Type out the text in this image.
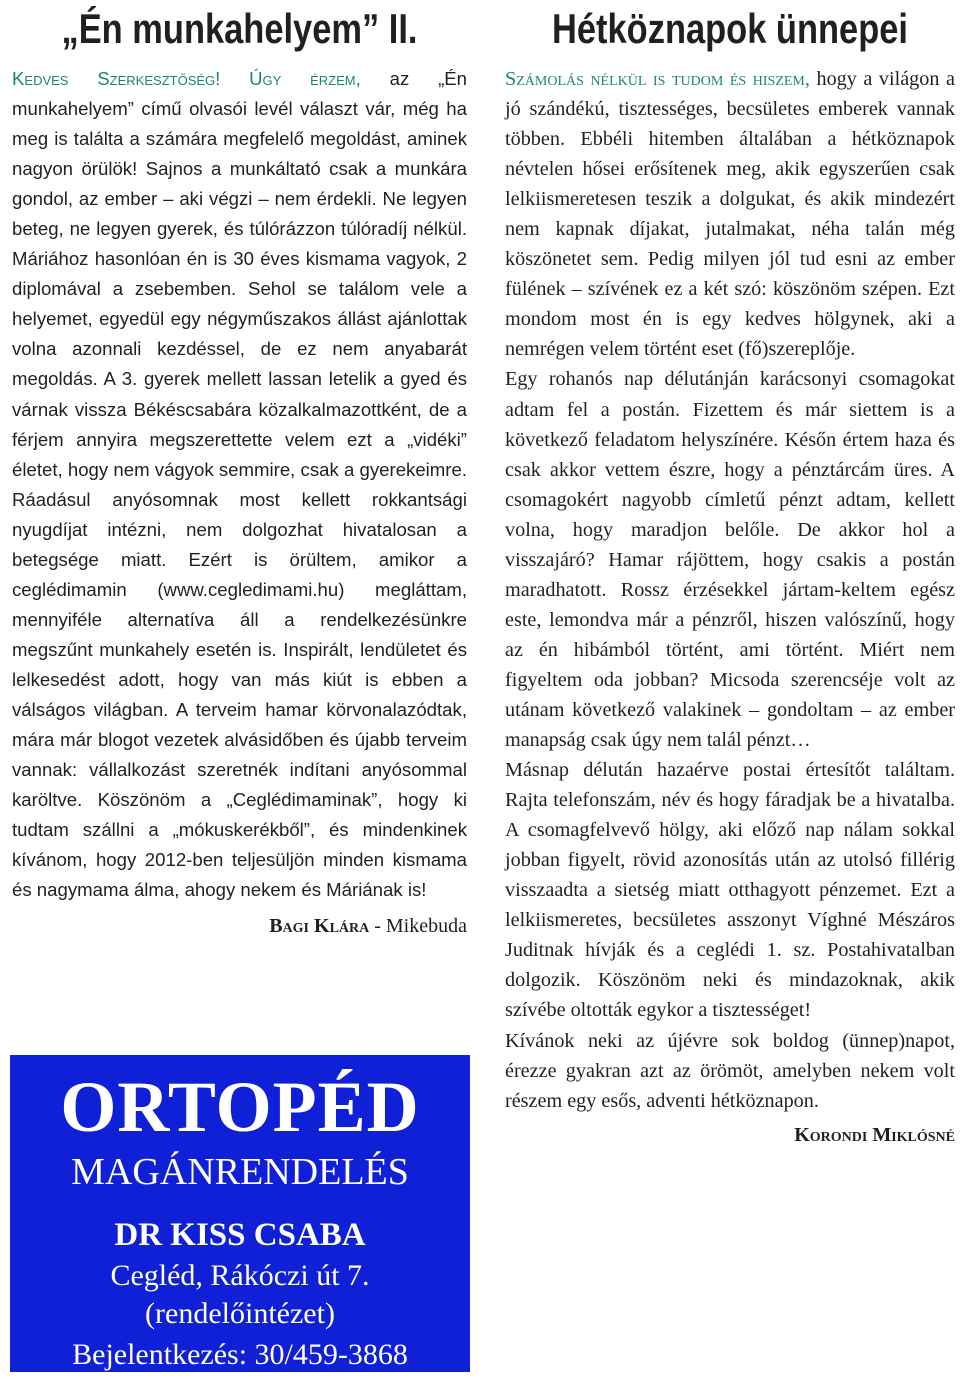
„Én munkahelyem” II.

Kedves Szerkesztőség! Úgy érzem, az „Én munkahelyem” című olvasói levél választ vár, még ha meg is találta a számára megfelelő megoldást, aminek nagyon örülök! Sajnos a munkáltató csak a munkára gondol, az ember – aki végzi – nem érdekli. Ne legyen beteg, ne legyen gyerek, és túlórázzon túlóradíj nélkül. Máriához hasonlóan én is 30 éves kismama vagyok, 2 diplomával a zsebemben. Sehol se találom vele a helyemet, egyedül egy négyműszakos állást ajánlottak volna azonnali kezdéssel, de ez nem anyabarát megoldás. A 3. gyerek mellett lassan letelik a gyed és várnak vissza Békéscsabára közalkalmazottként, de a férjem annyira megszerettette velem ezt a „vidéki” életet, hogy nem vágyok semmire, csak a gyerekeimre. Ráadásul anyósomnak most kellett rokkantsági nyugdíjat intézni, nem dolgozhat hivatalosan a betegsége miatt. Ezért is örültem, amikor a ceglédimamin (www.cegledimami.hu) megláttam, mennyiféle alternatíva áll a rendelkezésünkre megszűnt munkahely esetén is. Inspirált, lendületet és lelkesedést adott, hogy van más kiút is ebben a válságos világban. A terveim hamar körvonalazódtak, mára már blogot vezetek alvásidőben és újabb terveim vannak: vállalkozást szeretnék indítani anyósommal karöltve. Köszönöm a „Ceglédimaminak”, hogy ki tudtam szállni a „mókuskerékből”, és mindenkinek kívánom, hogy 2012-ben teljesüljön minden kismama és nagymama álma, ahogy nekem és Máriának is!

Bagi Klára - Mikebuda

ORTOPÉD
MAGÁNRENDELÉS
DR KISS CSABA
Cegléd, Rákóczi út 7.
(rendelőintézet)
Bejelentkezés: 30/459-3868
Hétköznapok ünnepei

Számolás nélkül is tudom és hiszem, hogy a világon a jó szándékú, tisztességes, becsületes emberek vannak többen. Ebbéli hitemben általában a hétköznapok névtelen hősei erősítenek meg, akik egyszerűen csak lelkiismeretesen teszik a dolgukat, és akik mindezért nem kapnak díjakat, jutalmakat, néha talán még köszönetet sem. Pedig milyen jól tud esni az ember fülének – szívének ez a két szó: köszönöm szépen. Ezt mondom most én is egy kedves hölgynek, aki a nemrégen velem történt eset (fő)szereplője.

Egy rohanós nap délutánján karácsonyi csomagokat adtam fel a postán. Fizettem és már siettem is a következő feladatom helyszínére. Későn értem haza és csak akkor vettem észre, hogy a pénztárcám üres. A csomagokért nagyobb címletű pénzt adtam, kellett volna, hogy maradjon belőle. De akkor hol a visszajáró? Hamar rájöttem, hogy csakis a postán maradhatott. Rossz érzésekkel jártam-keltem egész este, lemondva már a pénzről, hiszen valószínű, hogy az én hibámból történt, ami történt. Miért nem figyeltem oda jobban? Micsoda szerencséje volt az utánam következő valakinek – gondoltam – az ember manapság csak úgy nem talál pénzt…

Másnap délután hazaérve postai értesítőt találtam. Rajta telefonszám, név és hogy fáradjak be a hivatalba. A csomagfelvevő hölgy, aki előző nap nálam sokkal jobban figyelt, rövid azonosítás után az utolsó fillérig visszaadta a sietség miatt otthagyott pénzemet. Ezt a lelkiismeretes, becsületes asszonyt Víghné Mészáros Juditnak hívják és a ceglédi 1. sz. Postahivatalban dolgozik. Köszönöm neki és mindazoknak, akik szívébe oltották egykor a tisztességet!

Kívánok neki az újévre sok boldog (ünnep)napot, érezze gyakran azt az örömöt, amelyben nekem volt részem egy esős, adventi hétköznapon.

Korondi Miklósné
